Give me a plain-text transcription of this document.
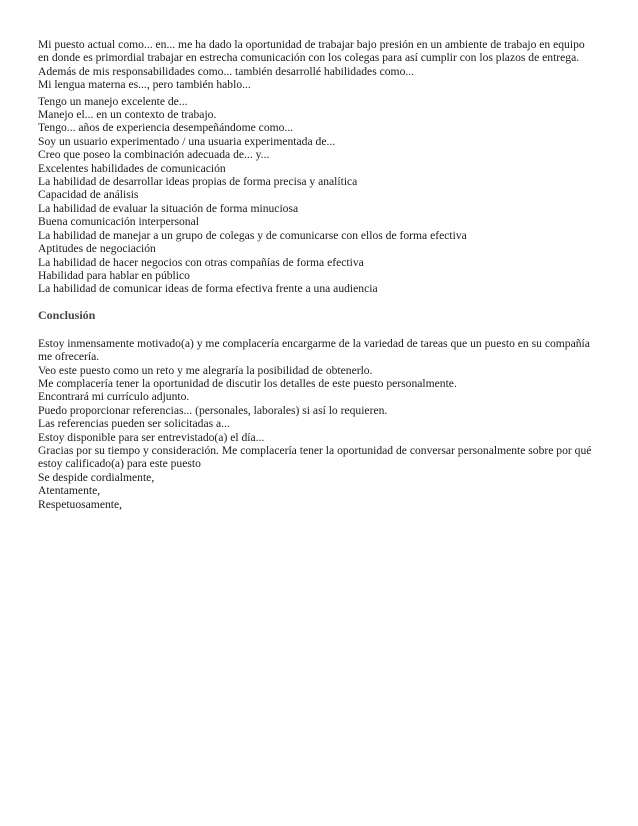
Mi puesto actual como... en... me ha dado la oportunidad de trabajar bajo presión en un ambiente de trabajo en equipo en donde es primordial trabajar en estrecha comunicación con los colegas para así cumplir con los plazos de entrega.
Además de mis responsabilidades como... también desarrollé habilidades como...
Mi lengua materna es..., pero también hablo...
Tengo un manejo excelente de...
Manejo el... en un contexto de trabajo.
Tengo... años de experiencia desempeñándome como...
Soy un usuario experimentado / una usuaria experimentada de...
Creo que poseo la combinación adecuada de... y...
Excelentes habilidades de comunicación
La habilidad de desarrollar ideas propias de forma precisa y analítica
Capacidad de análisis
La habilidad de evaluar la situación de forma minuciosa
Buena comunicación interpersonal
La habilidad de manejar a un grupo de colegas y de comunicarse con ellos de forma efectiva
Aptitudes de negociación
La habilidad de hacer negocios con otras compañías de forma efectiva
Habilidad para hablar en público
La habilidad de comunicar ideas de forma efectiva frente a una audiencia
Conclusión
Estoy inmensamente motivado(a) y me complacería encargarme de la variedad de tareas que un puesto en su compañía me ofrecería.
Veo este puesto como un reto y me alegraría la posibilidad de obtenerlo.
Me complacería tener la oportunidad de discutir los detalles de este puesto personalmente.
Encontrará mi currículo adjunto.
Puedo proporcionar referencias... (personales, laborales) si así lo requieren.
Las referencias pueden ser solicitadas a...
Estoy disponible para ser entrevistado(a) el día...
Gracias por su tiempo y consideración. Me complacería tener la oportunidad de conversar personalmente sobre por qué estoy calificado(a) para este puesto
Se despide cordialmente,
Atentamente,
Respetuosamente,
